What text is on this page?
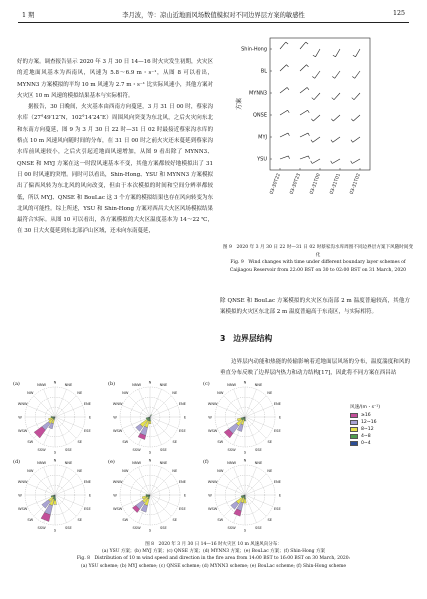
1 期	李月波，等：凉山近地面风场数值模拟对不同边界层方案的敏感性	125

好的方案。调查报告显示 2020 年 3 月 30 日 14—16 时火灾发生初期，火灾区的近地面风基本为西南风，风速为 5.8～6.9 m・s⁻¹，从图 8 可以看出，MYNN3 方案模拟的平均 10 m 风速为 2.7 m・s⁻¹ 比实际风速小，其他方案对火灾区 10 m 风速的模拟结果基本与实际相符。

据报告，30 日晚间，火灾基本由西南方向蔓延，3 月 31 日 00 时，蔡家沟水库（27°49′12″N，102°14′24″E）周围风向突变为东北风，之后火灾向东北和东南方向蔓延，图 9 为 3 月 30 日 22 时—31 日 02 时最接近蔡家沟水库的格点 10 m 风速风向随时间的分布，在 31 日 00 时之前火灾还未蔓延到蔡家沟水库前风速较小，之后火引起近地面风速增加，从图 9 看出除了 MYNN3、QNSE 和 MYJ 方案在这一时段风速基本不变，其他方案都较好地模拟出了 31 日 00 时风速的突增。同时可以看出，Shin-Hong、YSU 和 MYNN3 方案模拟出了偏西风转为东北风的风向改变，但由于本次模拟的时间和空间分辨率都较低，所以 MYJ、QNSE 和 BouLac 这 3 个方案的模拟结果也存在风向转变为东北风的可能性。综上所述，YSU 和 Shin-Hong 方案对西昌大火区风场模拟结果最符合实际。从图 10 可以看出，各方案模拟的大火区温度基本为 14～22 ℃，在 30 日大火蔓延到东北部泸山区域，还未向东南蔓延，

Shin-Hong
BL
MYNN3
QNSE
MYJ
YSU
03-30T22 03-30T23 03-31T00 03-31T01 03-31T02
方案
图 9　2020 年 3 月 30 日 22 时—31 日 02 时蔡家沟水库周围不同边界层方案下风随时间变化
Fig. 9　Wind changes with time under different boundary layer schemes of Caijiagou Reservoir from 22:00 BST on 30 to 02:00 BST on 31 March, 2020

除 QNSE 和 BouLac 方案模拟的火灾区东南部 2 m 温度普遍较高，其他方案模拟的火灾区东北部 2 m 温度普遍高于东南区，与实际相符。

3　边界层结构

边界层内动能和热能的传输影响着近地面层风场的分布，温度湍度和风的垂直分布反映了边界层内热力和动力结构[17]，因此将不同方案在西昌站

(a)	N
NNE
NE
ENE
E
ESE
SE
SSE
S
SSW
SW
WSW
W
WNW
NW
NNW	(b)	N
NNE
NE
ENE
E
ESE
SE
SSE
S
SSW
SW
WSW
W
WNW
NW
NNW	(c)	N
NNE
NE
ENE
E
ESE
SE
SSE
S
SSW
SW
WSW
W
WNW
NW
NNW
(d)	N
NNE
NE
ENE
E
ESE
SE
SSE
S
SSW
SW
WSW
W
WNW
NW
NNW	(e)	N
NNE
NE
ENE
E
ESE
SE
SSE
S
SSW
SW
WSW
W
WNW
NW
NNW	(f)	N
NNE
NE
ENE
E
ESE
SE
SSE
S
SSW
SW
WSW
W
WNW
NW
NNW
风速/(m・s⁻¹)
≥16
12~16
8~12
4~8
0~4
图 8　2020 年 3 月 30 日 14—16 时火灾区 10 m 风速风向分布：
(a) YSU 方案；(b) MYJ 方案；(c) QNSE 方案；(d) MYNN3 方案；(e) BouLac 方案；(f) Shin-Hong 方案
Fig. 8　Distribution of 10 m wind speed and direction in the fire area from 14:00 BST to 16:00 BST on 30 March, 2020:
(a) YSU scheme; (b) MYJ scheme; (c) QNSE scheme; (d) MYNN3 scheme; (e) BouLac scheme; (f) Shin-Hong scheme
